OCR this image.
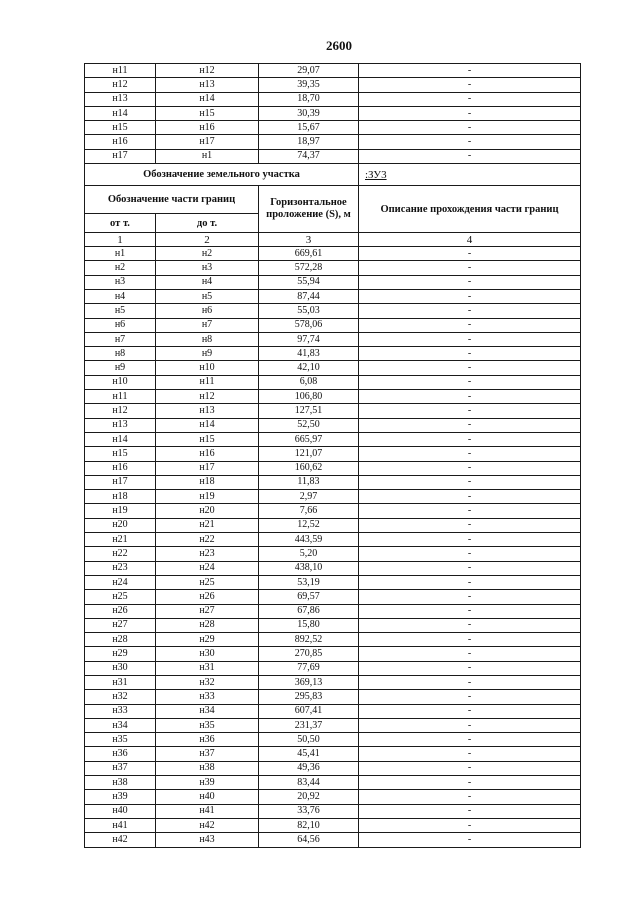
2600
н11	н12	29,07	-
н12	н13	39,35	-
н13	н14	18,70	-
н14	н15	30,39	-
н15	н16	15,67	-
н16	н17	18,97	-
н17	н1	74,37	-
Обозначение земельного участка			:ЗУ3
Обозначение части границ		Горизонтальное проложение (S), м	Описание прохождения части границ
от т.	до т.		
1	2	3	4
н1	н2	669,61	-
н2	н3	572,28	-
н3	н4	55,94	-
н4	н5	87,44	-
н5	н6	55,03	-
н6	н7	578,06	-
н7	н8	97,74	-
н8	н9	41,83	-
н9	н10	42,10	-
н10	н11	6,08	-
н11	н12	106,80	-
н12	н13	127,51	-
н13	н14	52,50	-
н14	н15	665,97	-
н15	н16	121,07	-
н16	н17	160,62	-
н17	н18	11,83	-
н18	н19	2,97	-
н19	н20	7,66	-
н20	н21	12,52	-
н21	н22	443,59	-
н22	н23	5,20	-
н23	н24	438,10	-
н24	н25	53,19	-
н25	н26	69,57	-
н26	н27	67,86	-
н27	н28	15,80	-
н28	н29	892,52	-
н29	н30	270,85	-
н30	н31	77,69	-
н31	н32	369,13	-
н32	н33	295,83	-
н33	н34	607,41	-
н34	н35	231,37	-
н35	н36	50,50	-
н36	н37	45,41	-
н37	н38	49,36	-
н38	н39	83,44	-
н39	н40	20,92	-
н40	н41	33,76	-
н41	н42	82,10	-
н42	н43	64,56	-
